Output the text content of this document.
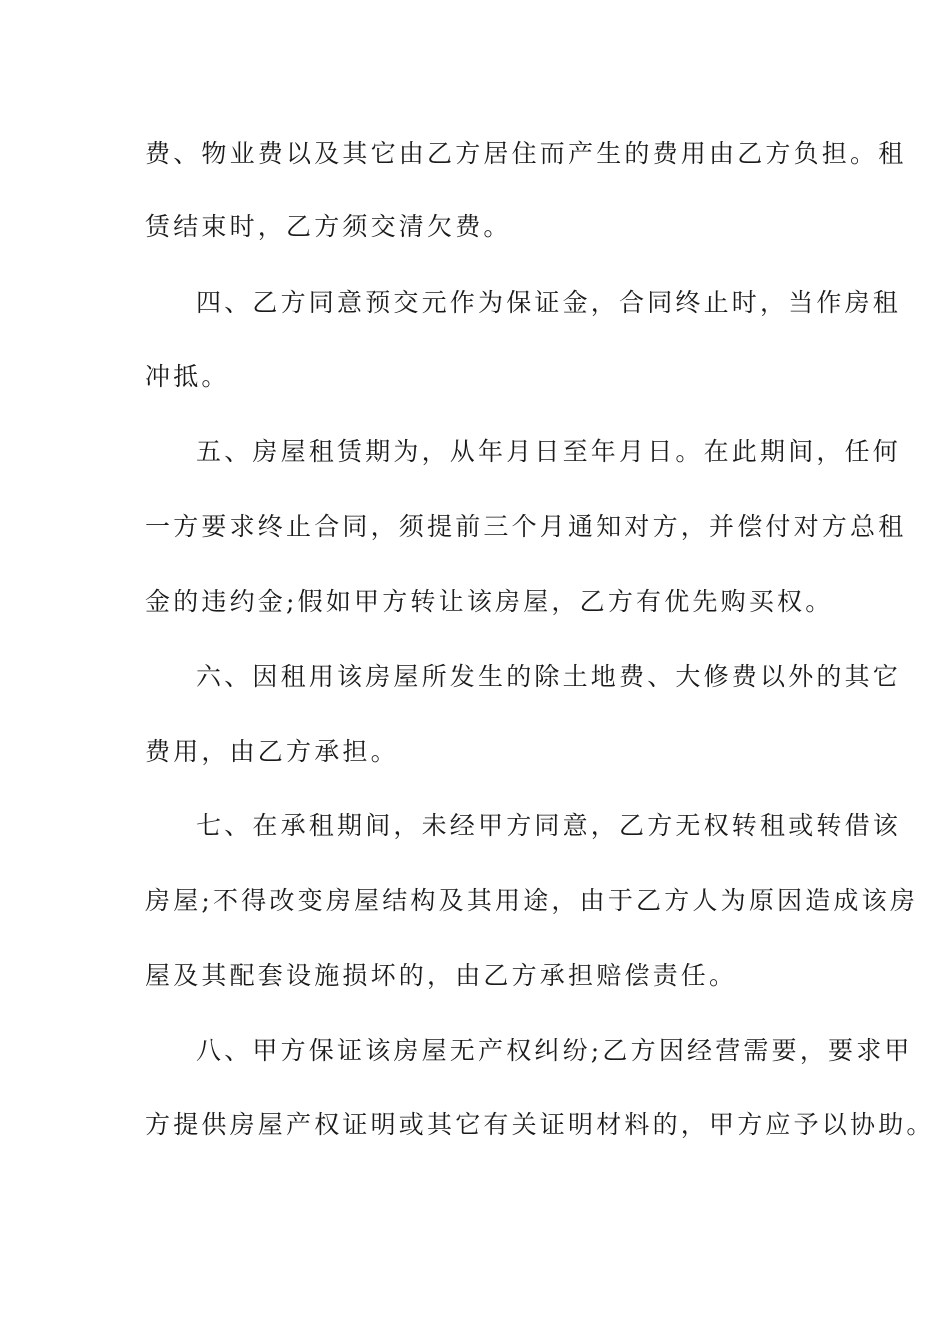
费、物业费以及其它由乙方居住而产生的费用由乙方负担。租

赁结束时，乙方须交清欠费。

四、乙方同意预交元作为保证金，合同终止时，当作房租

冲抵。

五、房屋租赁期为，从年月日至年月日。在此期间，任何

一方要求终止合同，须提前三个月通知对方，并偿付对方总租

金的违约金;假如甲方转让该房屋，乙方有优先购买权。

六、因租用该房屋所发生的除土地费、大修费以外的其它

费用，由乙方承担。

七、在承租期间，未经甲方同意，乙方无权转租或转借该

房屋;不得改变房屋结构及其用途，由于乙方人为原因造成该房

屋及其配套设施损坏的，由乙方承担赔偿责任。

八、甲方保证该房屋无产权纠纷;乙方因经营需要，要求甲

方提供房屋产权证明或其它有关证明材料的，甲方应予以协助。
